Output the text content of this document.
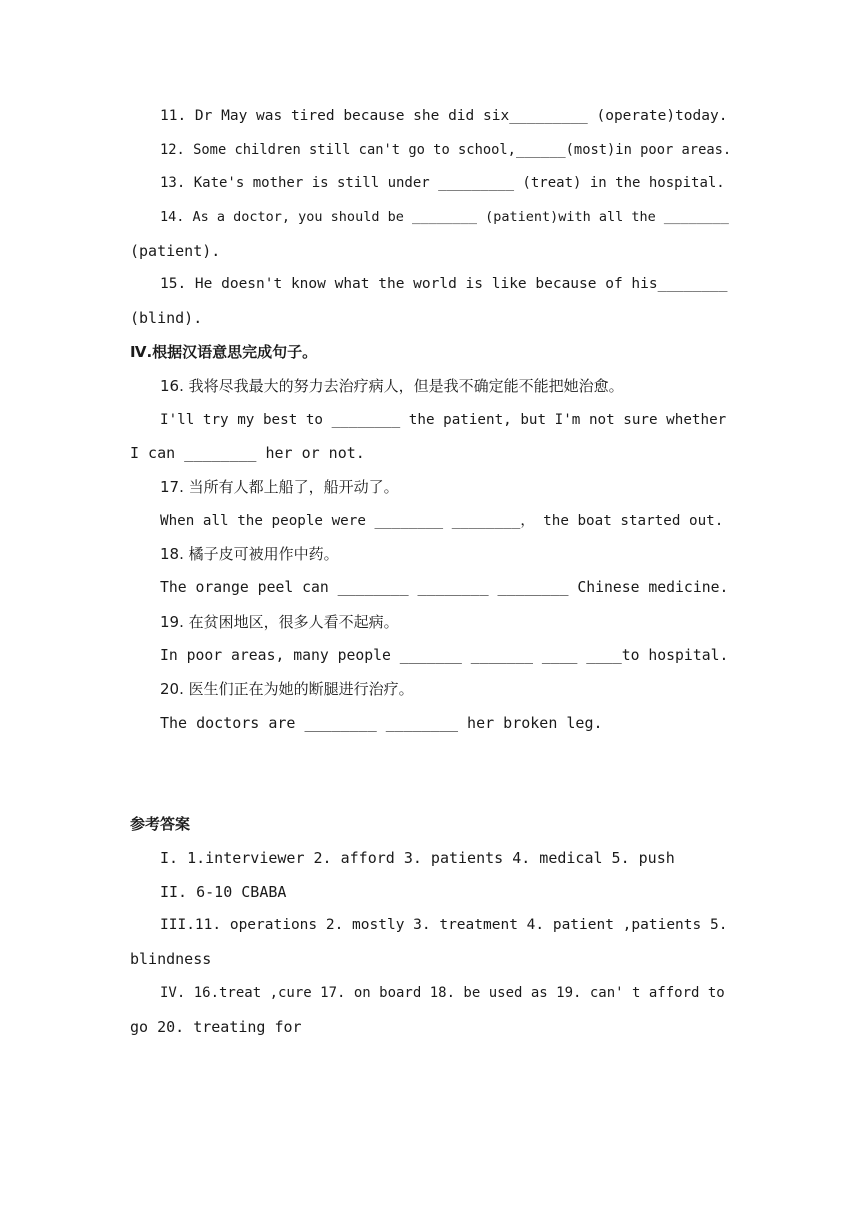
11. Dr May was tired because she did six_________ (operate)today.
12. Some children still can't go to school,______(most)in poor areas.
13. Kate's mother is still under _________ (treat) in the hospital.
14. As a doctor, you should be ________ (patient)with all the ________
(patient).
15. He doesn't know what the world is like because of his________
(blind).
Ⅳ.根据汉语意思完成句子。
16. 我将尽我最大的努力去治疗病人，但是我不确定能不能把她治愈。
I'll try my best to ________ the patient, but I'm not sure whether
I can ________ her or not.
17. 当所有人都上船了，船开动了。
When all the people were ________ ________， the boat started out.
18. 橘子皮可被用作中药。
The orange peel can ________ ________ ________ Chinese medicine.
19. 在贫困地区，很多人看不起病。
In poor areas, many people _______ _______ ____ ____to hospital.
20. 医生们正在为她的断腿进行治疗。
The doctors are ________ ________ her broken leg.
参考答案
I. 1.interviewer 2. afford 3. patients 4. medical 5. push
II. 6-10 CBABA
III.11. operations 2. mostly 3. treatment 4. patient ,patients 5.
blindness
IV. 16.treat ,cure 17. on board 18. be used as 19. can' t afford to
go 20. treating for
